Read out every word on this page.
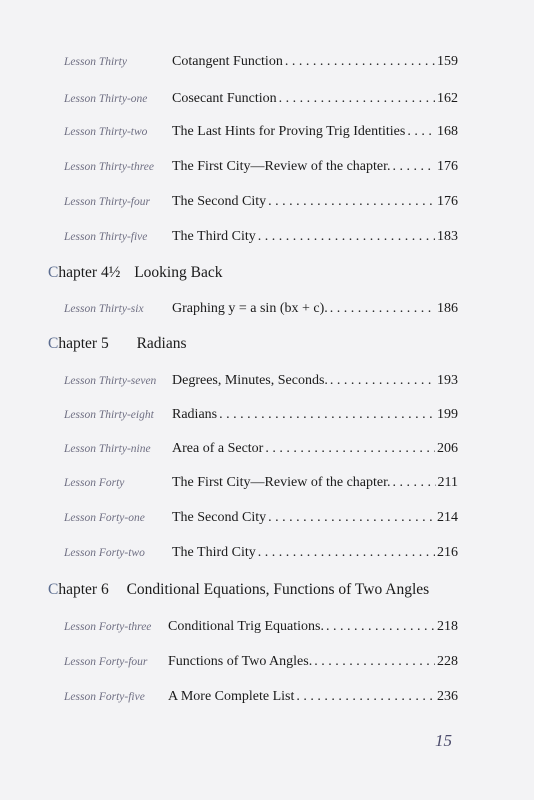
Lesson Thirty	Cotangent Function . . .	159
Lesson Thirty-one Cosecant Function . . .	162
Lesson Thirty-two The Last Hints for Proving Trig Identities . . . 168
Lesson Thirty-three The First City—Review of the chapter. . . .	176
Lesson Thirty-four The Second City . . .	176
Lesson Thirty-five The Third City . . .	183
Chapter 4½ Looking Back
Lesson Thirty-six Graphing y = a sin (bx + c). . . .	186
Chapter 5 Radians
Lesson Thirty-seven Degrees, Minutes, Seconds. . . .	193
Lesson Thirty-eight Radians . . .	199
Lesson Thirty-nine Area of a Sector . . .	206
Lesson Forty	The First City—Review of the chapter. . . .	211
Lesson Forty-one The Second City . . .	214
Lesson Forty-two The Third City . . .	216
Chapter 6 Conditional Equations, Functions of Two Angles
Lesson Forty-three Conditional Trig Equations. . . .	218
Lesson Forty-four Functions of Two Angles. . . .	228
Lesson Forty-five A More Complete List . . .	236
15
